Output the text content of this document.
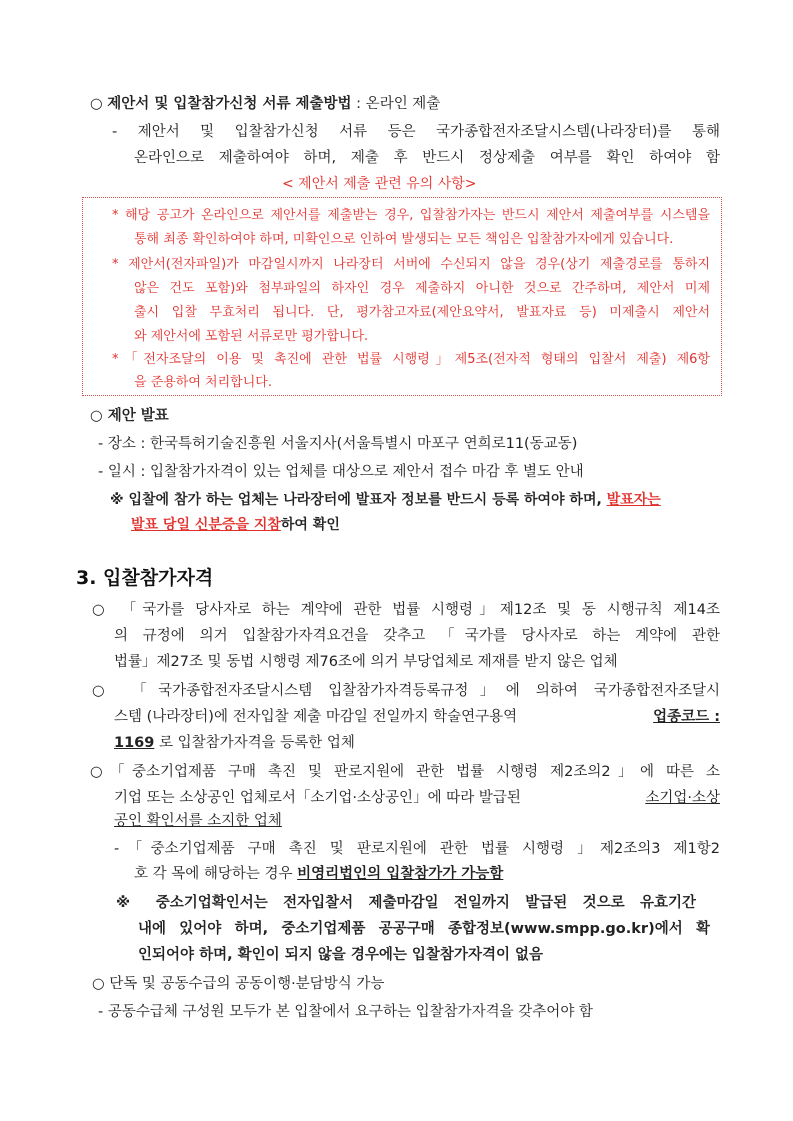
○ 제안서 및 입찰참가신청 서류 제출방법 : 온라인 제출
- 제안서 및 입찰참가신청 서류 등은 국가종합전자조달시스템(나라장터)를 통해
온라인으로 제출하여야 하며, 제출 후 반드시 정상제출 여부를 확인 하여야 함
< 제안서 제출 관련 유의 사항>
* 해당 공고가 온라인으로 제안서를 제출받는 경우, 입찰참가자는 반드시 제안서 제출여부를 시스템을
통해 최종 확인하여야 하며, 미확인으로 인하여 발생되는 모든 책임은 입찰참가자에게 있습니다.
* 제안서(전자파일)가 마감일시까지 나라장터 서버에 수신되지 않을 경우(상기 제출경로를 통하지
않은 건도 포함)와 첨부파일의 하자인 경우 제출하지 아니한 것으로 간주하며, 제안서 미제
출시 입찰 무효처리 됩니다. 단, 평가참고자료(제안요약서, 발표자료 등) 미제출시 제안서
와 제안서에 포함된 서류로만 평가합니다.
*「전자조달의 이용 및 촉진에 관한 법률 시행령」제5조(전자적 형태의 입찰서 제출) 제6항
을 준용하여 처리합니다.
○ 제안 발표
- 장소 : 한국특허기술진흥원 서울지사(서울특별시 마포구 연희로11(동교동)
- 일시 : 입찰참가자격이 있는 업체를 대상으로 제안서 접수 마감 후 별도 안내
※ 입찰에 참가 하는 업체는 나라장터에 발표자 정보를 반드시 등록 하여야 하며, 발표자는
발표 당일 신분증을 지참하여 확인
3. 입찰참가자격
○ 「국가를 당사자로 하는 계약에 관한 법률 시행령」제12조 및 동 시행규칙 제14조
의 규정에 의거 입찰참가자격요건을 갖추고 「국가를 당사자로 하는 계약에 관한
법률」제27조 및 동법 시행령 제76조에 의거 부당업체로 제재를 받지 않은 업체
○ 「국가종합전자조달시스템 입찰참가자격등록규정」에 의하여 국가종합전자조달시
스템 (나라장터)에 전자입찰 제출 마감일 전일까지 학술연구용역	업종코드 :
1169 로 입찰참가자격을 등록한 업체
○「중소기업제품 구매 촉진 및 판로지원에 관한 법률 시행령 제2조의2」에 따른 소
기업 또는 소상공인 업체로서「소기업·소상공인」에 따라 발급된	소기업·소상
공인 확인서를 소지한 업체
-「중소기업제품 구매 촉진 및 판로지원에 관한 법률 시행령 」제2조의3 제1항2
호 각 목에 해당하는 경우 비영리법인의 입찰참가가 가능함
※ 중소기업확인서는 전자입찰서 제출마감일 전일까지 발급된 것으로 유효기간
내에 있어야 하며, 중소기업제품 공공구매 종합정보(www.smpp.go.kr)에서 확
인되어야 하며, 확인이 되지 않을 경우에는 입찰참가자격이 없음
○ 단독 및 공동수급의 공동이행·분담방식 가능
- 공동수급체 구성원 모두가 본 입찰에서 요구하는 입찰참가자격을 갖추어야 함
